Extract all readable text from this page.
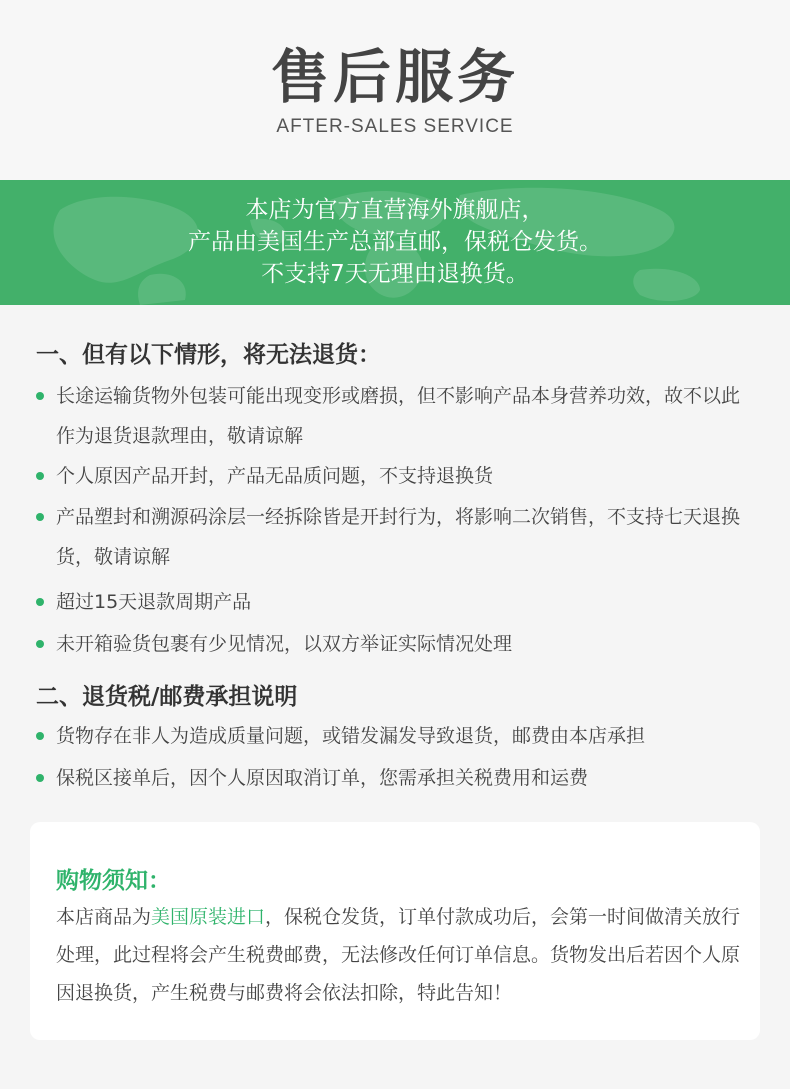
售后服务
AFTER-SALES SERVICE
本店为官方直营海外旗舰店，
产品由美国生产总部直邮，保税仓发货。
不支持7天无理由退换货。
一、但有以下情形，将无法退货：
长途运输货物外包装可能出现变形或磨损，但不影响产品本身营养功效，故不以此作为退货退款理由，敬请谅解
个人原因产品开封，产品无品质问题，不支持退换货
产品塑封和溯源码涂层一经拆除皆是开封行为，将影响二次销售，不支持七天退换货，敬请谅解
超过15天退款周期产品
未开箱验货包裹有少见情况，以双方举证实际情况处理
二、退货税/邮费承担说明
货物存在非人为造成质量问题，或错发漏发导致退货，邮费由本店承担
保税区接单后，因个人原因取消订单，您需承担关税费用和运费
购物须知：
本店商品为美国原装进口，保税仓发货，订单付款成功后，会第一时间做清关放行处理，此过程将会产生税费邮费，无法修改任何订单信息。货物发出后若因个人原因退换货，产生税费与邮费将会依法扣除，特此告知！
